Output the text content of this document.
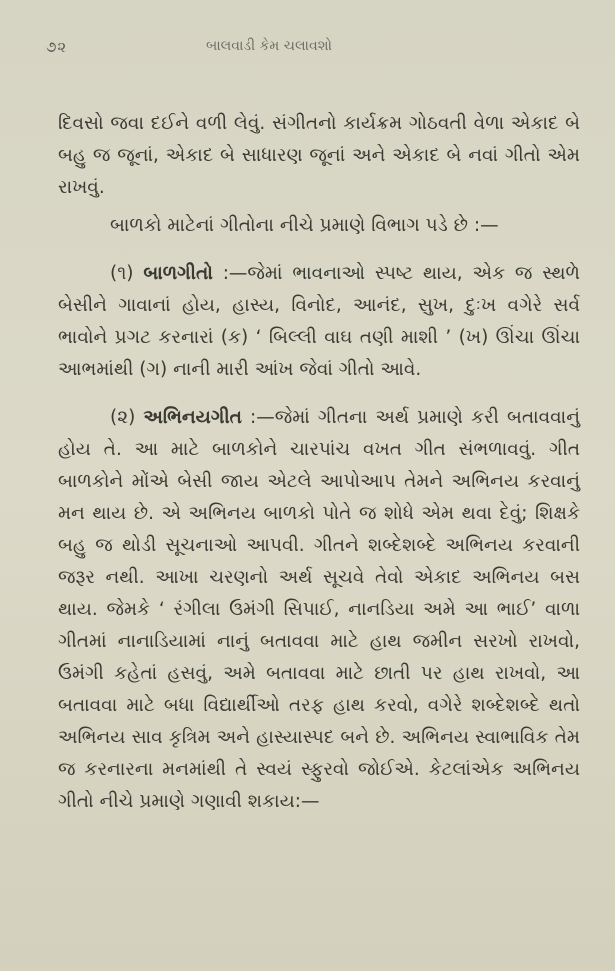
૭૨	બાલવાડી કેમ ચલાવશો

દિવસો જવા દઈને વળી લેવું. સંગીતનો કાર્યક્રમ ગોઠવતી વેળા એકાદ બે બહુ જ જૂનાં, એકાદ બે સાધારણ જૂનાં અને એકાદ બે નવાં ગીતો એમ રાખવું.

બાળકો માટેનાં ગીતોના નીચે પ્રમાણે વિભાગ પડે છે :—

(૧) બાળગીતો :—જેમાં ભાવનાઓ સ્પષ્ટ થાય, એક જ સ્થળે બેસીને ગાવાનાં હોય, હાસ્ય, વિનોદ, આનંદ, સુખ, દુઃખ વગેરે સર્વ ભાવોને પ્રગટ કરનારાં (ક) ‘ બિલ્લી વાઘ તણી માશી ’ (ખ) ઊંચા ઊંચા આભમાંથી (ગ) નાની મારી આંખ જેવાં ગીતો આવે.

(૨) અભિનયગીત :—જેમાં ગીતના અર્થ પ્રમાણે કરી બતાવવાનું હોય તે. આ માટે બાળકોને ચારપાંચ વખત ગીત સંભળાવવું. ગીત બાળકોને મોંએ બેસી જાય એટલે આપોઆપ તેમને અભિનય કરવાનું મન થાય છે. એ અભિનય બાળકો પોતે જ શોધે એમ થવા દેવું; શિક્ષકે બહુ જ થોડી સૂચનાઓ આપવી. ગીતને શબ્દેશબ્દે અભિનય કરવાની જરૂર નથી. આખા ચરણનો અર્થ સૂચવે તેવો એકાદ અભિનય બસ થાય. જેમકે ‘ રંગીલા ઉમંગી સિપાઈ, નાનડિયા અમે આ ભાઈ’ વાળા ગીતમાં નાનાડિયામાં નાનું બતાવવા માટે હાથ જમીન સરખો રાખવો, ઉમંગી કહેતાં હસવું, અમે બતાવવા માટે છાતી પર હાથ રાખવો, આ બતાવવા માટે બધા વિદ્યાર્થીઓ તરફ હાથ કરવો, વગેરે શબ્દેશબ્દે થતો અભિનય સાવ કૃત્રિમ અને હાસ્યાસ્પદ બને છે. અભિનય સ્વાભાવિક તેમ જ કરનારના મનમાંથી તે સ્વયં સ્ફુરવો જોઈએ. કેટલાંએક અભિનય ગીતો નીચે પ્રમાણે ગણાવી શકાય:—
